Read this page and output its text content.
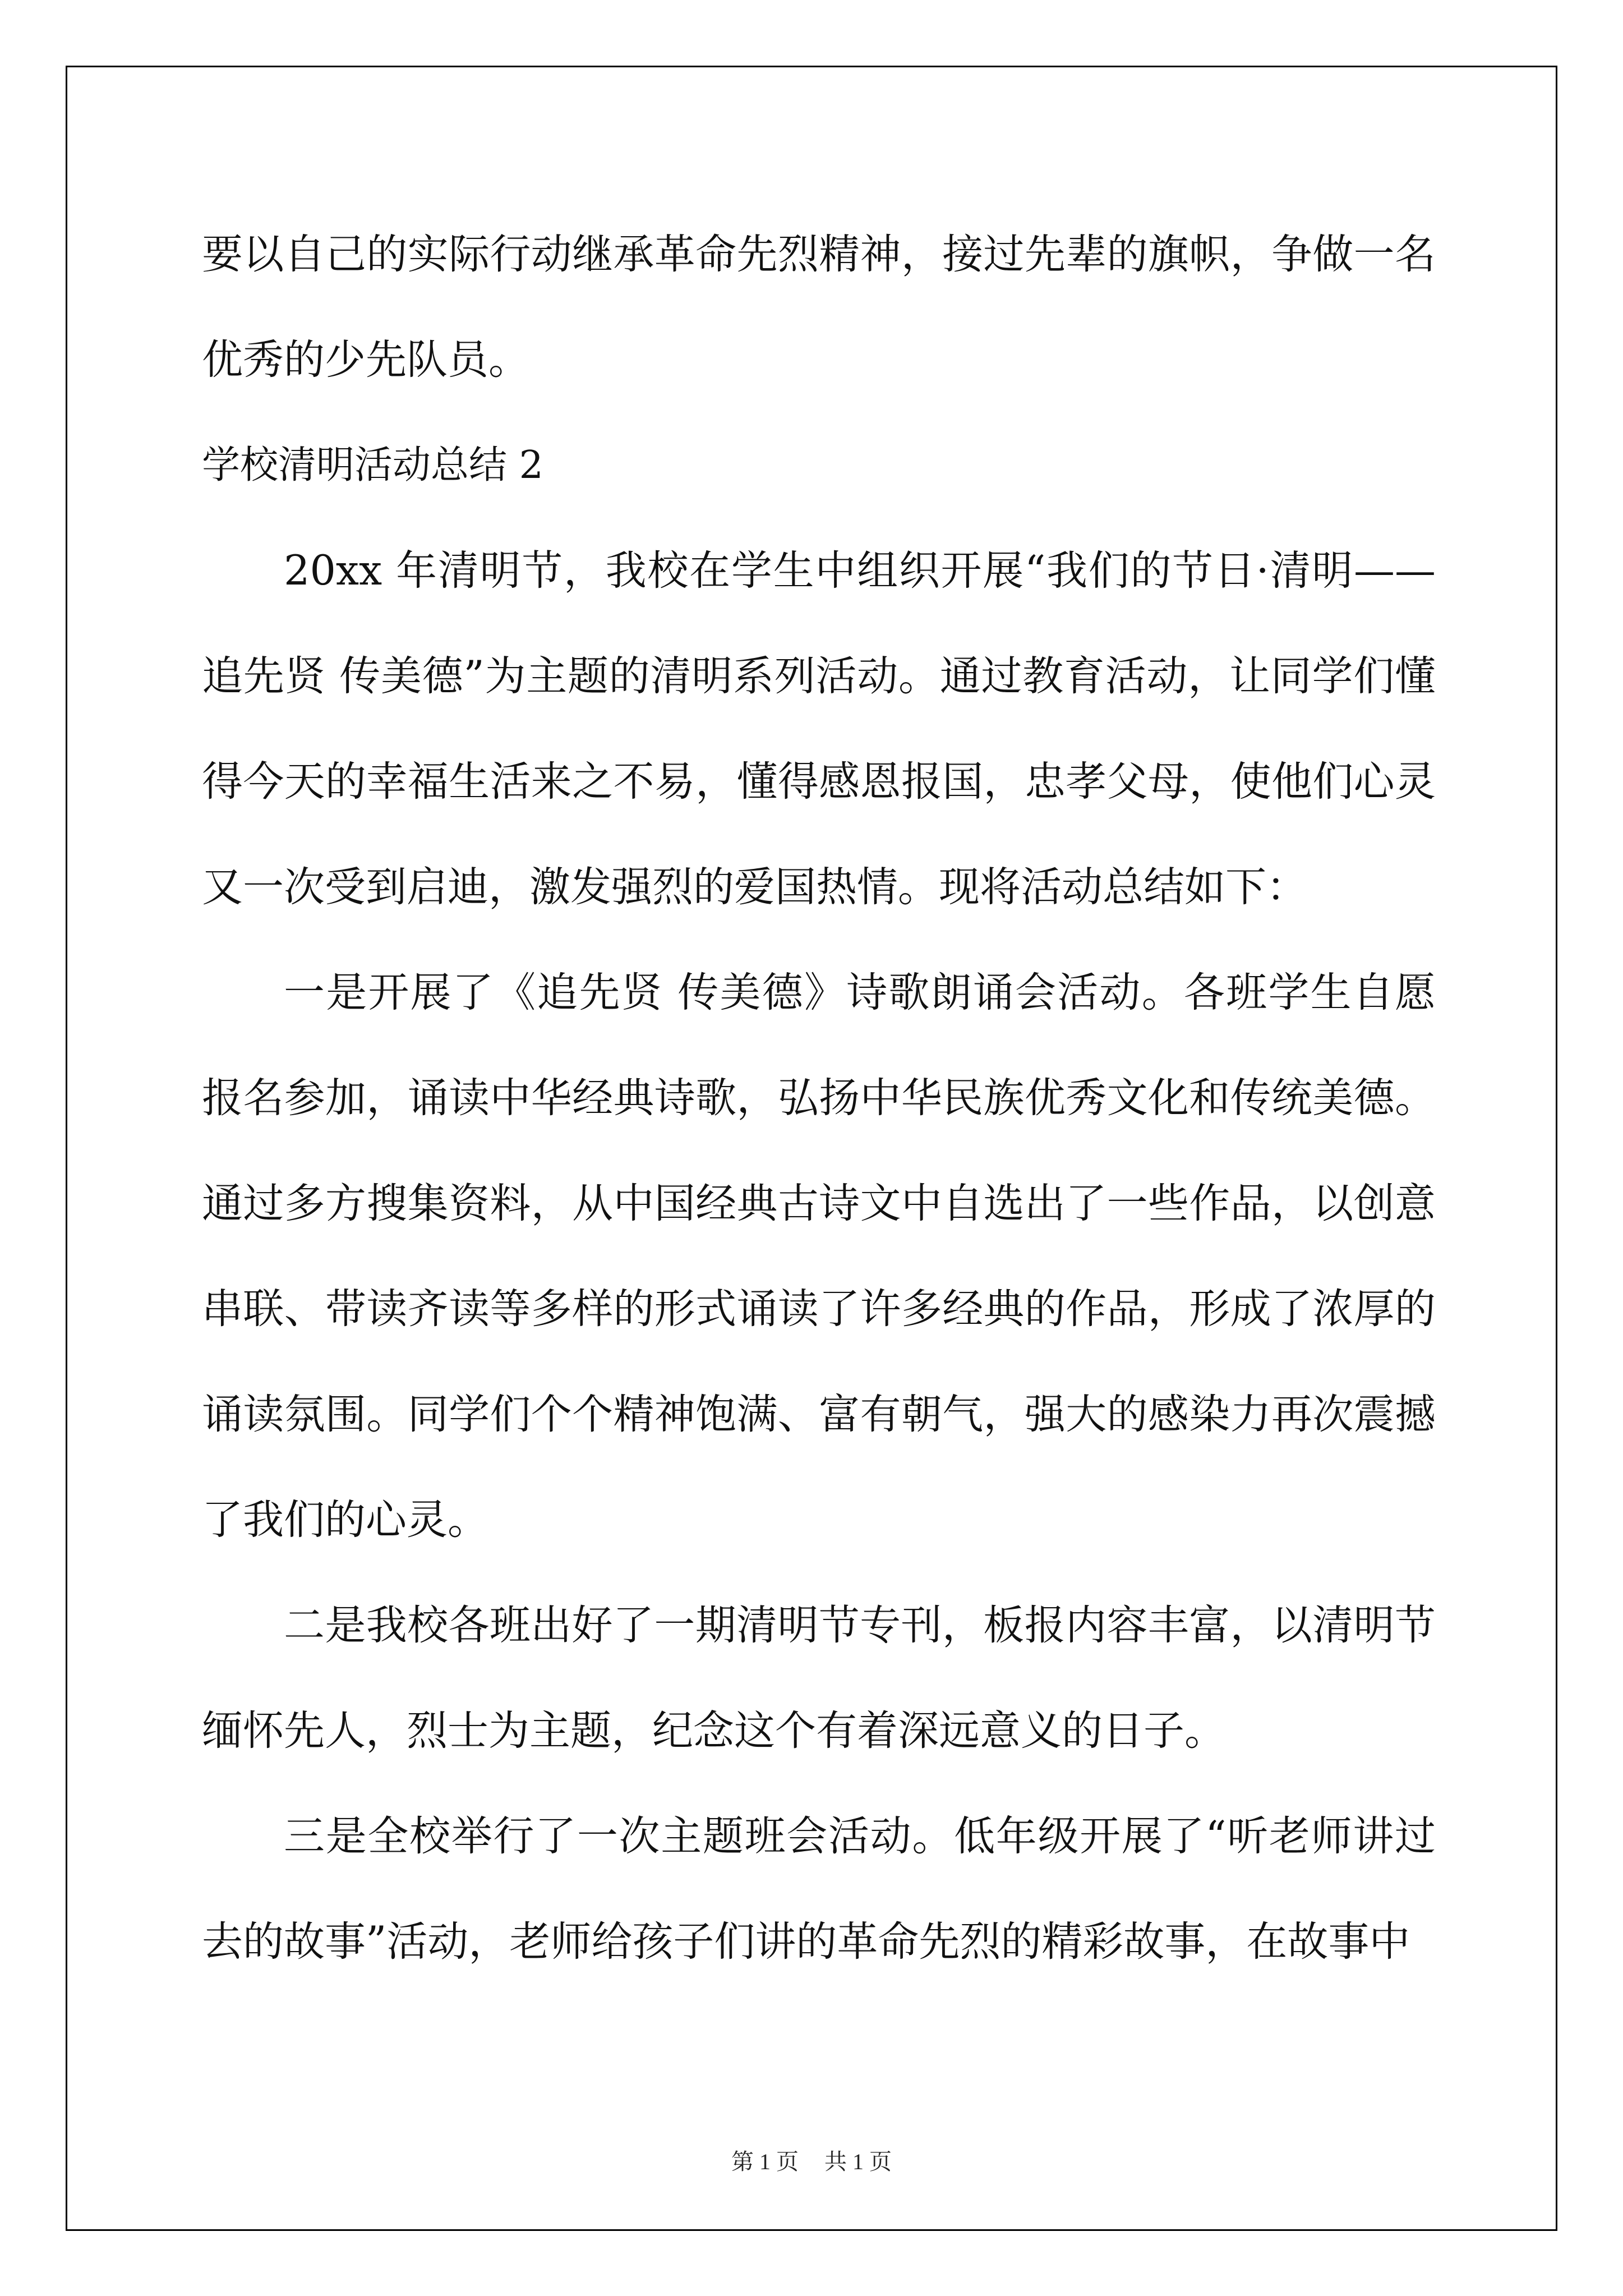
要以自己的实际行动继承革命先烈精神，接过先辈的旗帜，争做一名优秀的少先队员。

学校清明活动总结 2

20xx 年清明节，我校在学生中组织开展“我们的节日·清明——追先贤 传美德”为主题的清明系列活动。通过教育活动，让同学们懂得今天的幸福生活来之不易，懂得感恩报国，忠孝父母，使他们心灵又一次受到启迪，激发强烈的爱国热情。现将活动总结如下：

一是开展了《追先贤 传美德》诗歌朗诵会活动。各班学生自愿报名参加，诵读中华经典诗歌，弘扬中华民族优秀文化和传统美德。通过多方搜集资料，从中国经典古诗文中自选出了一些作品，以创意串联、带读齐读等多样的形式诵读了许多经典的作品，形成了浓厚的诵读氛围。同学们个个精神饱满、富有朝气，强大的感染力再次震撼了我们的心灵。

二是我校各班出好了一期清明节专刊，板报内容丰富，以清明节缅怀先人，烈士为主题，纪念这个有着深远意义的日子。

三是全校举行了一次主题班会活动。低年级开展了“听老师讲过去的故事”活动，老师给孩子们讲的革命先烈的精彩故事，在故事中

第 1 页 共 1 页
